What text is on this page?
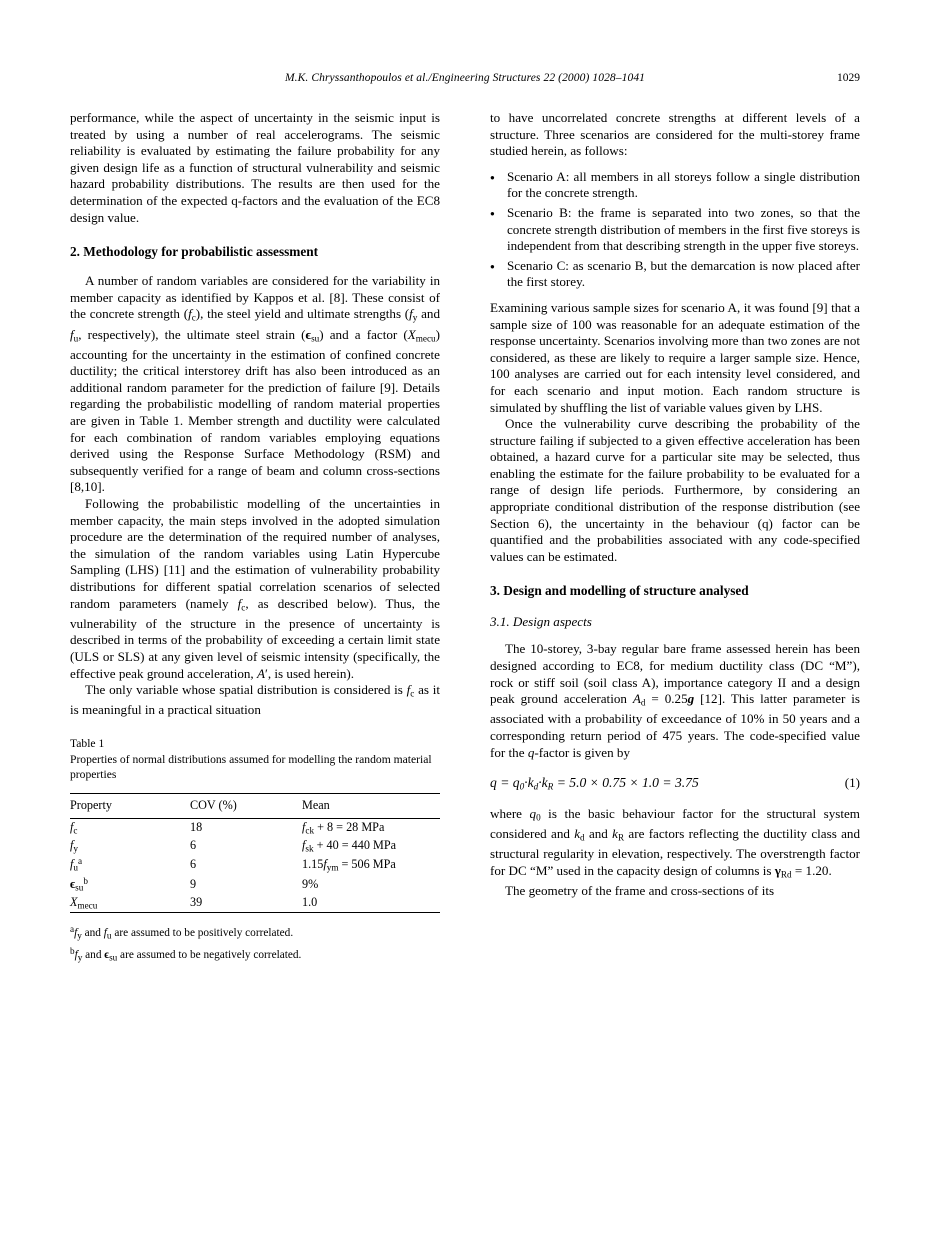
M.K. Chryssanthopoulos et al./Engineering Structures 22 (2000) 1028–1041	1029

performance, while the aspect of uncertainty in the seismic input is treated by using a number of real accelerograms. The seismic reliability is evaluated by estimating the failure probability for any given design life as a function of structural vulnerability and seismic hazard probability distributions. The results are then used for the determination of the expected q-factors and the evaluation of the EC8 design value.

2. Methodology for probabilistic assessment

A number of random variables are considered for the variability in member capacity as identified by Kappos et al. [8]. These consist of the concrete strength $(f_c)$, the steel yield and ultimate strengths ($f_y$ and $f_u$, respectively), the ultimate steel strain $(\epsilon_{su})$ and a factor $(X_{mecu})$ accounting for the uncertainty in the estimation of confined concrete ductility; the critical interstorey drift has also been introduced as an additional random parameter for the prediction of failure [9]. Details regarding the probabilistic modelling of random material properties are given in Table 1. Member strength and ductility were calculated for each combination of random variables employing equations derived using the Response Surface Methodology (RSM) and subsequently verified for a range of beam and column cross-sections [8,10].

Following the probabilistic modelling of the uncertainties in member capacity, the main steps involved in the adopted simulation procedure are the determination of the required number of analyses, the simulation of the random variables using Latin Hypercube Sampling (LHS) [11] and the estimation of vulnerability probability distributions for different spatial correlation scenarios of selected random parameters (namely $f_c$, as described below). Thus, the vulnerability of the structure in the presence of uncertainty is described in terms of the probability of exceeding a certain limit state (ULS or SLS) at any given level of seismic intensity (specifically, the effective peak ground acceleration, A′, is used herein).

The only variable whose spatial distribution is considered is $f_c$ as it is meaningful in a practical situation

Table 1
Properties of normal distributions assumed for modelling the random material properties
Property	COV (%)	Mean
$f_c$	18	$f_{ck} + 8 = 28$ MPa
$f_y$	6	$f_{sk} + 40 = 440$ MPa
$f_u^a$	6	$1.15f_{ym} = 506$ MPa
$\epsilon_{su}^b$	9	9%
$X_{mecu}$	39	1.0
$^af_y$ and $f_u$ are assumed to be positively correlated.
$^bf_y$ and $\epsilon_{su}$ are assumed to be negatively correlated.

to have uncorrelated concrete strengths at different levels of a structure. Three scenarios are considered for the multi-storey frame studied herein, as follows:

● Scenario A: all members in all storeys follow a single distribution for the concrete strength.
● Scenario B: the frame is separated into two zones, so that the concrete strength distribution of members in the first five storeys is independent from that describing strength in the upper five storeys.
● Scenario C: as scenario B, but the demarcation is now placed after the first storey.

Examining various sample sizes for scenario A, it was found [9] that a sample size of 100 was reasonable for an adequate estimation of the response uncertainty. Scenarios involving more than two zones are not considered, as these are likely to require a larger sample size. Hence, 100 analyses are carried out for each intensity level considered, and for each scenario and input motion. Each random structure is simulated by shuffling the list of variable values given by LHS.

Once the vulnerability curve describing the probability of the structure failing if subjected to a given effective acceleration has been obtained, a hazard curve for a particular site may be selected, thus enabling the estimate for the failure probability to be evaluated for a range of design life periods. Furthermore, by considering an appropriate conditional distribution of the response distribution (see Section 6), the uncertainty in the behaviour (q) factor can be quantified and the probabilities associated with any code-specified values can be estimated.

3. Design and modelling of structure analysed
3.1. Design aspects

The 10-storey, 3-bay regular bare frame assessed herein has been designed according to EC8, for medium ductility class (DC “M”), rock or stiff soil (soil class A), importance category II and a design peak ground acceleration $A_d = 0.25g$ [12]. This latter parameter is associated with a probability of exceedance of 10% in 50 years and a corresponding return period of 475 years. The code-specified value for the q-factor is given by

$q = q_0\cdot k_d\cdot k_R = 5.0 \times 0.75 \times 1.0 = 3.75$	(1)

where $q_0$ is the basic behaviour factor for the structural system considered and $k_d$ and $k_R$ are factors reflecting the ductility class and structural regularity in elevation, respectively. The overstrength factor for DC “M” used in the capacity design of columns is $\gamma_{Rd} = 1.20$.

The geometry of the frame and cross-sections of its
